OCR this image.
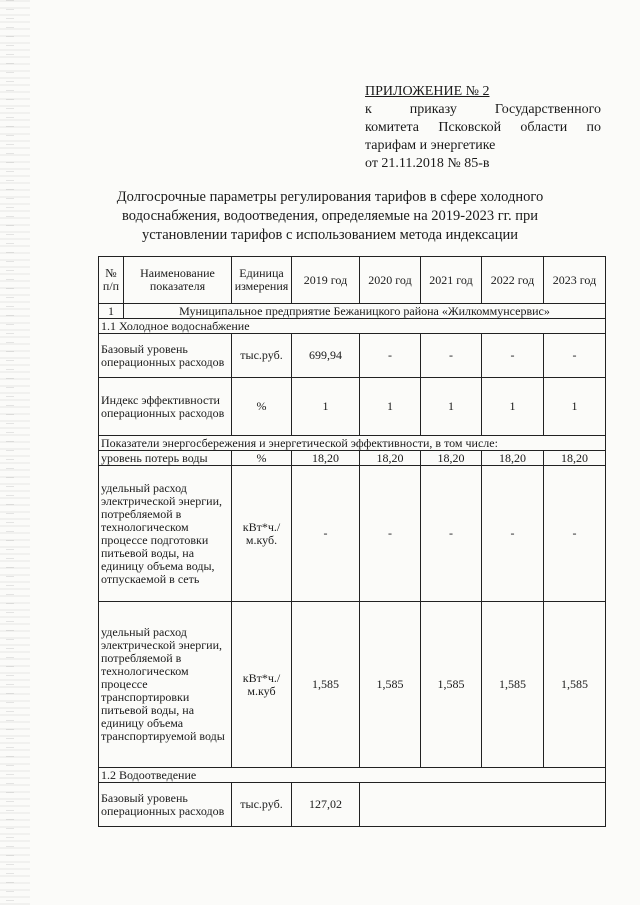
ПРИЛОЖЕНИЕ № 2
к приказу Государственного
комитета Псковской области по
тарифам и энергетике
от 21.11.2018 № 85-в
Долгосрочные параметры регулирования тарифов в сфере холодного
водоснабжения, водоотведения, определяемые на 2019-2023 гг. при
установлении тарифов с использованием метода индексации
№ п/п	Наименование показателя	Единица измерения	2019 год	2020 год	2021 год	2022 год	2023 год
1	Муниципальное предприятие Бежаницкого района «Жилкоммунсервис»						
1.1 Холодное водоснабжение							
Базовый уровень операционных расходов		тыс.руб.	699,94	-	-	-	-
Индекс эффективности операционных расходов		%	1	1	1	1	1
Показатели энергосбережения и энергетической эффективности, в том числе:							
уровень потерь воды		%	18,20	18,20	18,20	18,20	18,20
удельный расход электрической энергии, потребляемой в технологическом процессе подготовки питьевой воды, на единицу объема воды, отпускаемой в сеть		кВт*ч./м.куб.	-	-	-	-	-
удельный расход электрической энергии, потребляемой в технологическом процессе транспортировки питьевой воды, на единицу объема транспортируемой воды		кВт*ч./м.куб	1,585	1,585	1,585	1,585	1,585
1.2 Водоотведение							
Базовый уровень операционных расходов		тыс.руб.	127,02				
